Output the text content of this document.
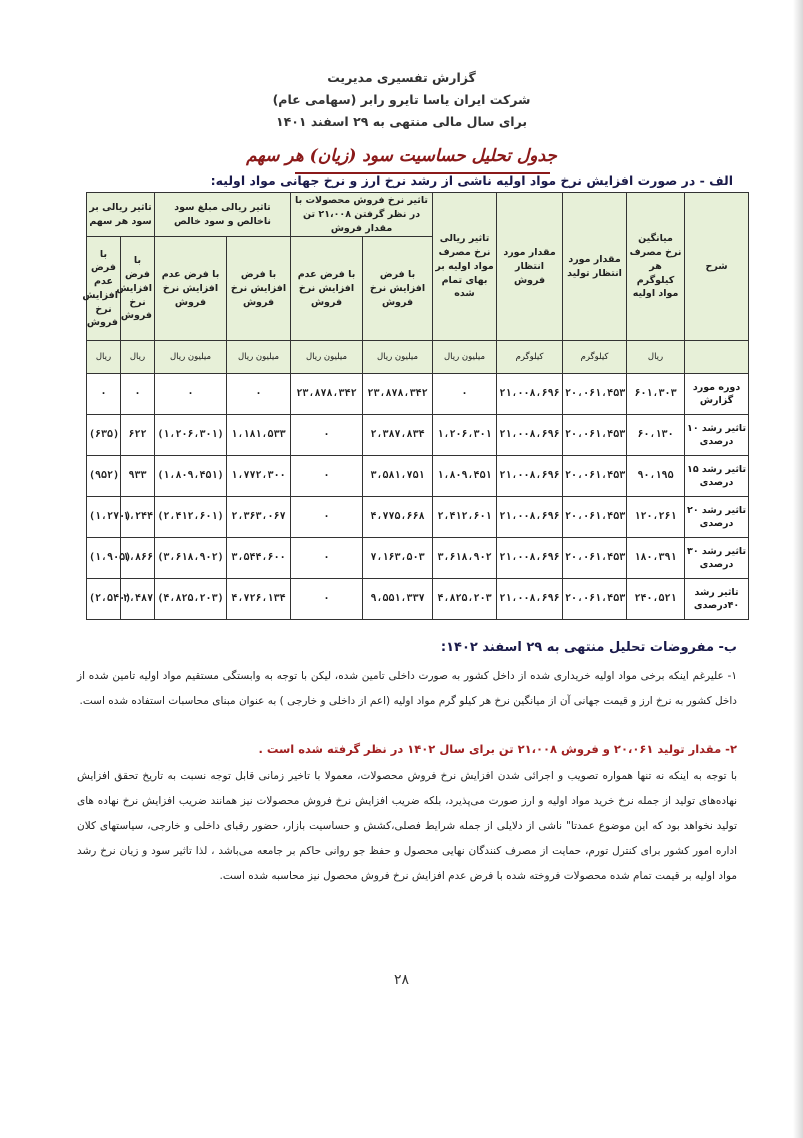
گزارش تفسیری مدیریت
شرکت ایران یاسا تایرو رابر (سهامی عام)
برای سال مالی منتهی به ۲۹ اسفند ۱۴۰۱
جدول تحلیل حساسیت سود (زیان) هر سهم
الف - در صورت افزایش نرخ مواد اولیه ناشی از رشد نرخ ارز و نرخ جهانی مواد اولیه:
شرح	میانگین نرخ مصرف هر کیلوگرم مواد اولیه	مقدار مورد انتظار تولید	مقدار مورد انتظار فروش	تاثیر ریالی نرخ مصرف مواد اولیه بر بهای تمام شده	تاثیر نرخ فروش محصولات با در نظر گرفتن ۲۱،۰۰۸ تن مقدار فروش		تاثیر ریالی مبلغ سود ناخالص و سود خالص		تاثیر ریالی بر سود هر سهم	
					با فرض افزایش نرخ فروش	با فرض عدم افزایش نرخ فروش	با فرض افزایش نرخ فروش	با فرض عدم افزایش نرخ فروش	با فرض افزایش نرخ فروش	با فرض عدم افزایش نرخ فروش
	ریال	کیلوگرم	کیلوگرم	میلیون ریال	میلیون ریال	میلیون ریال	میلیون ریال	میلیون ریال	ریال	ریال
دوره مورد گزارش	۶۰۱،۳۰۳	۲۰،۰۶۱،۴۵۳	۲۱،۰۰۸،۶۹۶	۰	۲۳،۸۷۸،۳۴۲	۲۳،۸۷۸،۳۴۲	۰	۰	۰	۰
تاثیر رشد ۱۰ درصدی	۶۰،۱۳۰	۲۰،۰۶۱،۴۵۳	۲۱،۰۰۸،۶۹۶	۱،۲۰۶،۳۰۱	۲،۳۸۷،۸۳۴	۰	۱،۱۸۱،۵۳۳	(۱،۲۰۶،۳۰۱)	۶۲۲	(۶۳۵)
تاثیر رشد ۱۵ درصدی	۹۰،۱۹۵	۲۰،۰۶۱،۴۵۳	۲۱،۰۰۸،۶۹۶	۱،۸۰۹،۴۵۱	۳،۵۸۱،۷۵۱	۰	۱،۷۷۲،۳۰۰	(۱،۸۰۹،۴۵۱)	۹۳۳	(۹۵۲)
تاثیر رشد ۲۰ درصدی	۱۲۰،۲۶۱	۲۰،۰۶۱،۴۵۳	۲۱،۰۰۸،۶۹۶	۲،۴۱۲،۶۰۱	۴،۷۷۵،۶۶۸	۰	۲،۳۶۳،۰۶۷	(۲،۴۱۲،۶۰۱)	۱،۲۴۴	(۱،۲۷۰)
تاثیر رشد ۳۰ درصدی	۱۸۰،۳۹۱	۲۰،۰۶۱،۴۵۳	۲۱،۰۰۸،۶۹۶	۳،۶۱۸،۹۰۲	۷،۱۶۳،۵۰۳	۰	۳،۵۴۴،۶۰۰	(۳،۶۱۸،۹۰۲)	۱،۸۶۶	(۱،۹۰۵)
تاثیر رشد ۴۰درصدی	۲۴۰،۵۲۱	۲۰،۰۶۱،۴۵۳	۲۱،۰۰۸،۶۹۶	۴،۸۲۵،۲۰۳	۹،۵۵۱،۳۳۷	۰	۴،۷۲۶،۱۳۴	(۴،۸۲۵،۲۰۳)	۲،۴۸۷	(۲،۵۴۰)
ب- مفروضات تحلیل منتهی به ۲۹ اسفند ۱۴۰۲:
۱- علیرغم اینکه برخی مواد اولیه خریداری شده از داخل کشور به صورت داخلی تامین شده، لیکن با توجه به وابستگی مستقیم مواد اولیه تامین شده از داخل کشور به نرخ ارز و قیمت جهانی آن از میانگین نرخ هر کیلو گرم مواد اولیه (اعم از داخلی و خارجی ) به عنوان مبنای محاسبات استفاده شده است.
۲- مقدار تولید ۲۰،۰۶۱ و فروش ۲۱،۰۰۸ تن برای سال ۱۴۰۲ در نظر گرفته شده است .
با توجه به اینکه نه تنها همواره تصویب و اجرائی شدن افزایش نرخ فروش محصولات، معمولا با تاخیر زمانی قابل توجه نسبت به تاریخ تحقق افزایش نهاده‌های تولید از جمله نرخ خرید مواد اولیه و ارز صورت می‌پذیرد، بلکه ضریب افزایش نرخ فروش محصولات نیز همانند ضریب افزایش نرخ نهاده های تولید نخواهد بود که این موضوع عمدتا" ناشی از دلایلی از جمله شرایط فصلی،کشش و حساسیت بازار، حضور رقبای داخلی و خارجی، سیاستهای کلان اداره امور کشور برای کنترل تورم، حمایت از مصرف کنندگان نهایی محصول و حفظ جو روانی حاکم بر جامعه می‌باشد ، لذا تاثیر سود و زیان نرخ رشد مواد اولیه بر قیمت تمام شده محصولات فروخته شده با فرض عدم افزایش نرخ فروش محصول نیز محاسبه شده است.
۲۸
